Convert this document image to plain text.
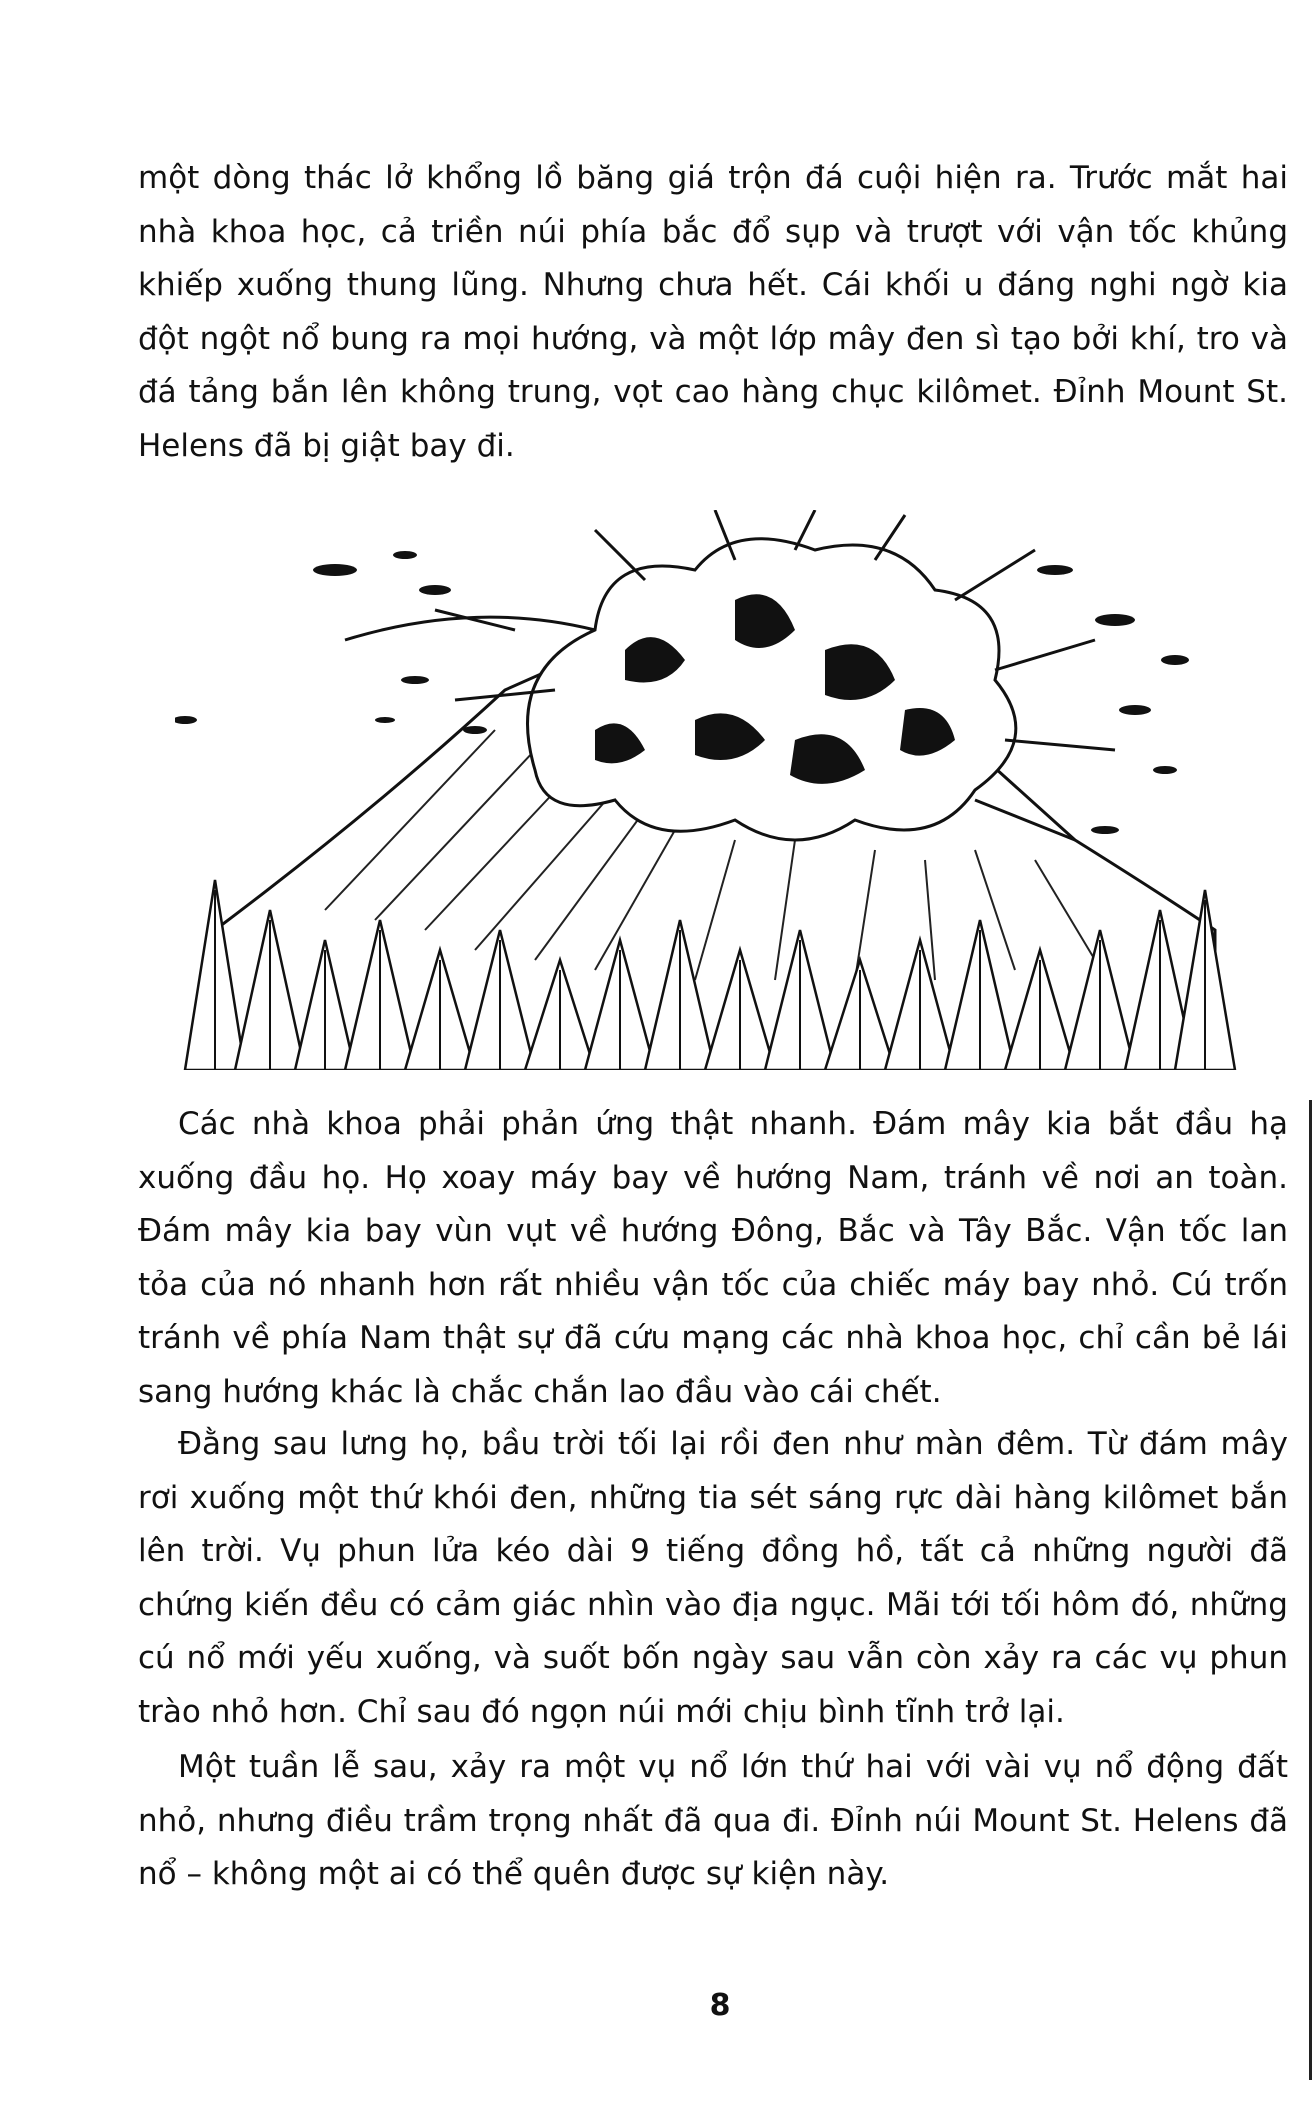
một dòng thác lở khổng lồ băng giá trộn đá cuội hiện ra. Trước mắt hai nhà khoa học, cả triền núi phía bắc đổ sụp và trượt với vận tốc khủng khiếp xuống thung lũng. Nhưng chưa hết. Cái khối u đáng nghi ngờ kia đột ngột nổ bung ra mọi hướng, và một lớp mây đen sì tạo bởi khí, tro và đá tảng bắn lên không trung, vọt cao hàng chục kilômet. Đỉnh Mount St. Helens đã bị giật bay đi.

Các nhà khoa phải phản ứng thật nhanh. Đám mây kia bắt đầu hạ xuống đầu họ. Họ xoay máy bay về hướng Nam, tránh về nơi an toàn. Đám mây kia bay vùn vụt về hướng Đông, Bắc và Tây Bắc. Vận tốc lan tỏa của nó nhanh hơn rất nhiều vận tốc của chiếc máy bay nhỏ. Cú trốn tránh về phía Nam thật sự đã cứu mạng các nhà khoa học, chỉ cần bẻ lái sang hướng khác là chắc chắn lao đầu vào cái chết.

Đằng sau lưng họ, bầu trời tối lại rồi đen như màn đêm. Từ đám mây rơi xuống một thứ khói đen, những tia sét sáng rực dài hàng kilômet bắn lên trời. Vụ phun lửa kéo dài 9 tiếng đồng hồ, tất cả những người đã chứng kiến đều có cảm giác nhìn vào địa ngục. Mãi tới tối hôm đó, những cú nổ mới yếu xuống, và suốt bốn ngày sau vẫn còn xảy ra các vụ phun trào nhỏ hơn. Chỉ sau đó ngọn núi mới chịu bình tĩnh trở lại.

Một tuần lễ sau, xảy ra một vụ nổ lớn thứ hai với vài vụ nổ động đất nhỏ, nhưng điều trầm trọng nhất đã qua đi. Đỉnh núi Mount St. Helens đã nổ – không một ai có thể quên được sự kiện này.

8
